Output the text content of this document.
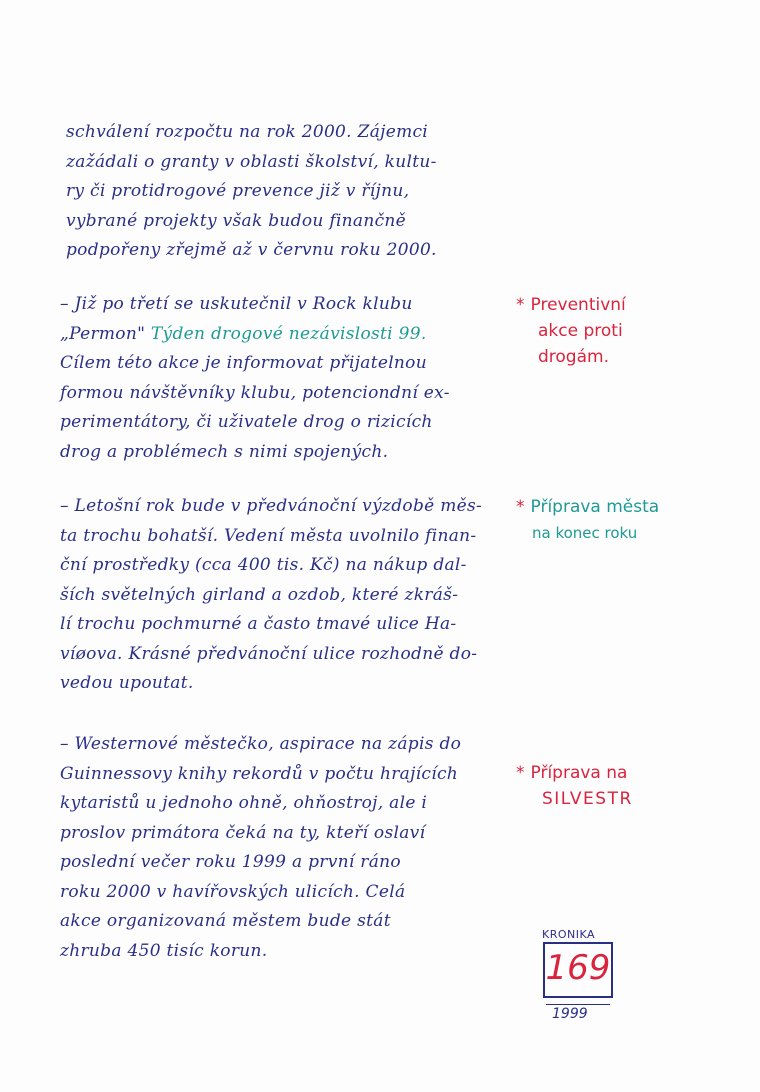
schválení rozpočtu na rok 2000. Zájemci
zažádali o granty v oblasti školství, kultu-
ry či protidrogové prevence již v říjnu,
vybrané projekty však budou finančně
podpořeny zřejmě až v červnu roku 2000.
– Již po třetí se uskutečnil v Rock klubu
„Permon" Týden drogové nezávislosti 99.
Cílem této akce je informovat přijatelnou
formou návštěvníky klubu, potenciondní ex-
perimentátory, či uživatele drog o rizicích
drog a problémech s nimi spojených.
– Letošní rok bude v předvánoční výzdobě měs-
ta trochu bohatší. Vedení města uvolnilo finan-
ční prostředky (cca 400 tis. Kč) na nákup dal-
ších světelných girland a ozdob, které zkráš-
lí trochu pochmurné a často tmavé ulice Ha-
víøova. Krásné předvánoční ulice rozhodně do-
vedou upoutat.
– Westernové městečko, aspirace na zápis do
Guinnessovy knihy rekordů v počtu hrajících
kytaristů u jednoho ohně, ohňostroj, ale i
proslov primátora čeká na ty, kteří oslaví
poslední večer roku 1999 a první ráno
roku 2000 v havířovských ulicích. Celá
akce organizovaná městem bude stát
zhruba 450 tisíc korun.
* Preventivní
akce proti
drogám.
* Příprava města
na konec roku
* Příprava na
SILVESTR
KRONIKA
169
1999
